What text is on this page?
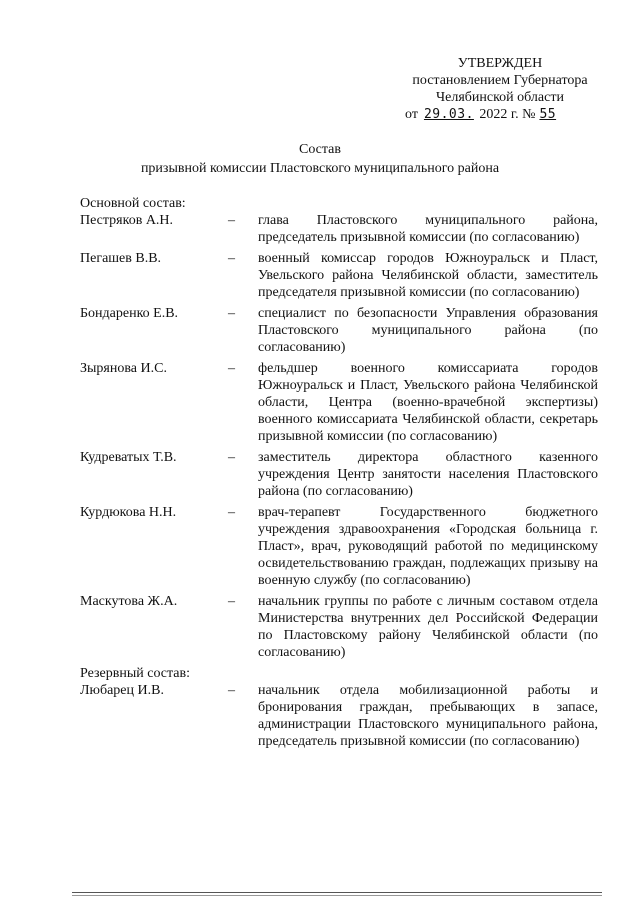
УТВЕРЖДЕН
постановлением Губернатора
Челябинской области
от 29.03. 2022 г. № 55
Состав
призывной комиссии Пластовского муниципального района
Основной состав:
Пестряков А.Н.	–	глава Пластовского муниципального района, председатель призывной комиссии (по согласованию)
Пегашев В.В.	–	военный комиссар городов Южноуральск и Пласт, Увельского района Челябинской области, заместитель председателя призывной комиссии (по согласованию)
Бондаренко Е.В.	–	специалист по безопасности Управления образования Пластовского муниципального района (по согласованию)
Зырянова И.С.	–	фельдшер военного комиссариата городов Южноуральск и Пласт, Увельского района Челябинской области, Центра (военно-врачебной экспертизы) военного комиссариата Челябинской области, секретарь призывной комиссии (по согласованию)
Кудреватых Т.В.	–	заместитель директора областного казенного учреждения Центр занятости населения Пластовского района (по согласованию)
Курдюкова Н.Н.	–	врач-терапевт Государственного бюджетного учреждения здравоохранения «Городская больница г. Пласт», врач, руководящий работой по медицинскому освидетельствованию граждан, подлежащих призыву на военную службу (по согласованию)
Маскутова Ж.А.	–	начальник группы по работе с личным составом отдела Министерства внутренних дел Российской Федерации по Пластовскому району Челябинской области (по согласованию)
Резервный состав:
Любарец И.В.	–	начальник отдела мобилизационной работы и бронирования граждан, пребывающих в запасе, администрации Пластовского муниципального района, председатель призывной комиссии (по согласованию)
